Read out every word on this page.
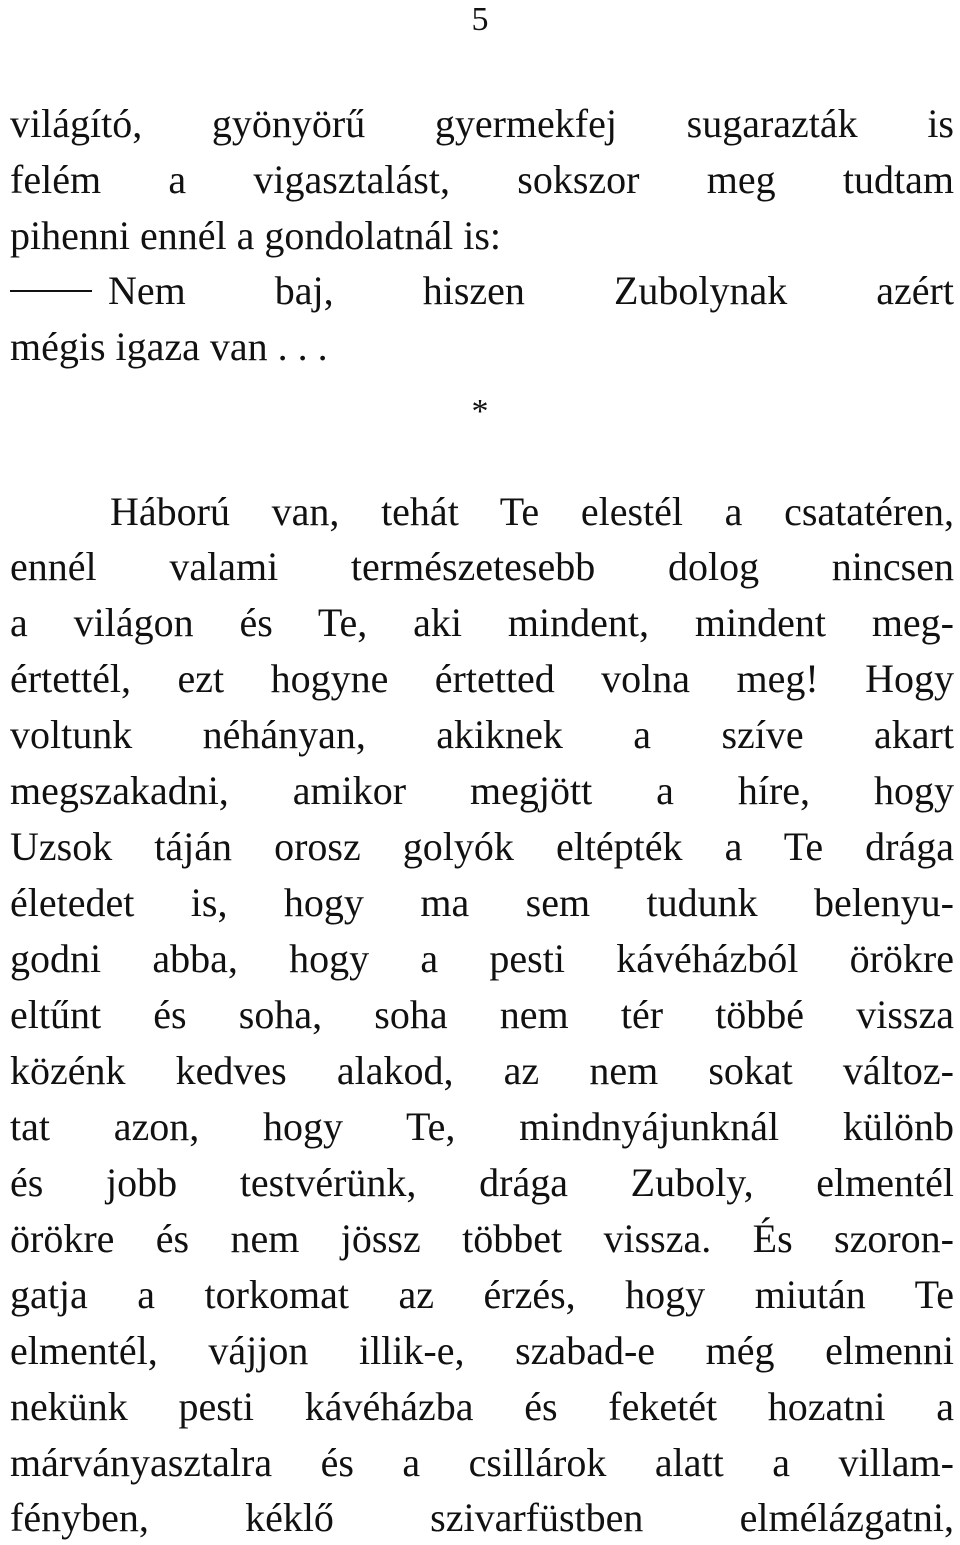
5
világító, gyönyörű gyermekfej sugarazták is
felém a vigasztalást, sokszor meg tudtam
pihenni ennél a gondolatnál is:
Nem baj, hiszen Zubolynak azért
mégis igaza van . . .
*
Háború van, tehát Te elestél a csatatéren,
ennél valami természetesebb dolog nincsen
a világon és Te, aki mindent, mindent meg-
értettél, ezt hogyne értetted volna meg! Hogy
voltunk néhányan, akiknek a szíve akart
megszakadni, amikor megjött a híre, hogy
Uzsok táján orosz golyók eltépték a Te drága
életedet is, hogy ma sem tudunk belenyu-
godni abba, hogy a pesti kávéházból örökre
eltűnt és soha, soha nem tér többé vissza
közénk kedves alakod, az nem sokat változ-
tat azon, hogy Te, mindnyájunknál különb
és jobb testvérünk, drága Zuboly, elmentél
örökre és nem jössz többet vissza. És szoron-
gatja a torkomat az érzés, hogy miután Te
elmentél, vájjon illik-e, szabad-e még elmenni
nekünk pesti kávéházba és feketét hozatni a
márványasztalra és a csillárok alatt a villam-
fényben, kéklő szivarfüstben elmélázgatni,
